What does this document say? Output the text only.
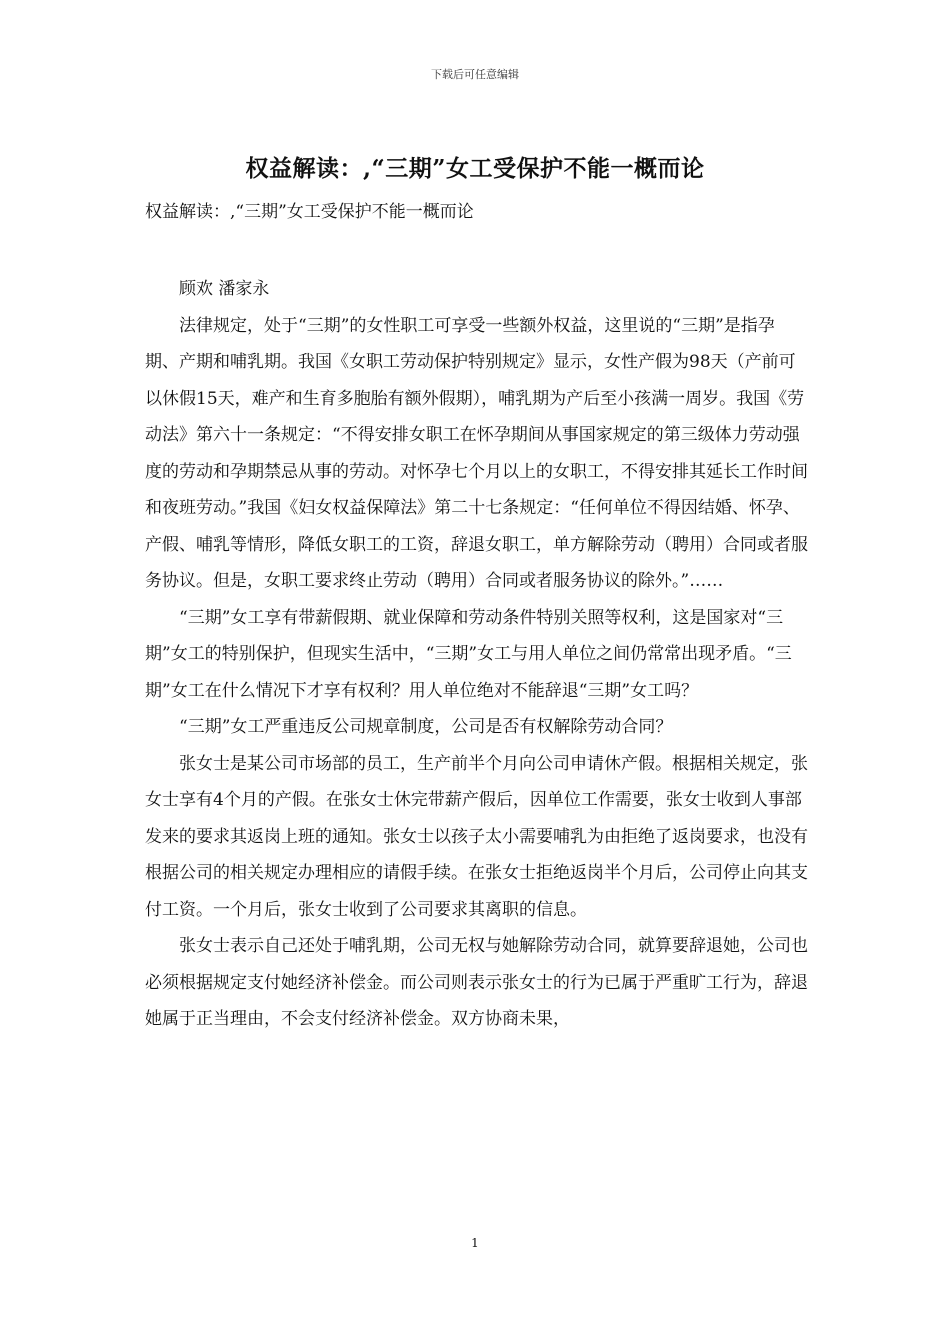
下载后可任意编辑
权益解读：,“三期”女工受保护不能一概而论
权益解读：,“三期”女工受保护不能一概而论

顾欢 潘家永

法律规定，处于“三期”的女性职工可享受一些额外权益，这里说的“三期”是指孕期、产期和哺乳期。我国《女职工劳动保护特别规定》显示，女性产假为98天（产前可以休假15天，难产和生育多胞胎有额外假期），哺乳期为产后至小孩满一周岁。我国《劳动法》第六十一条规定：“不得安排女职工在怀孕期间从事国家规定的第三级体力劳动强度的劳动和孕期禁忌从事的劳动。对怀孕七个月以上的女职工，不得安排其延长工作时间和夜班劳动。”我国《妇女权益保障法》第二十七条规定：“任何单位不得因结婚、怀孕、产假、哺乳等情形，降低女职工的工资，辞退女职工，单方解除劳动（聘用）合同或者服务协议。但是，女职工要求终止劳动（聘用）合同或者服务协议的除外。”……

“三期”女工享有带薪假期、就业保障和劳动条件特别关照等权利，这是国家对“三期”女工的特别保护，但现实生活中，“三期”女工与用人单位之间仍常常出现矛盾。“三期”女工在什么情况下才享有权利？用人单位绝对不能辞退“三期”女工吗？

“三期”女工严重违反公司规章制度，公司是否有权解除劳动合同？

张女士是某公司市场部的员工，生产前半个月向公司申请休产假。根据相关规定，张女士享有4个月的产假。在张女士休完带薪产假后，因单位工作需要，张女士收到人事部发来的要求其返岗上班的通知。张女士以孩子太小需要哺乳为由拒绝了返岗要求，也没有根据公司的相关规定办理相应的请假手续。在张女士拒绝返岗半个月后，公司停止向其支付工资。一个月后，张女士收到了公司要求其离职的信息。

张女士表示自己还处于哺乳期，公司无权与她解除劳动合同，就算要辞退她，公司也必须根据规定支付她经济补偿金。而公司则表示张女士的行为已属于严重旷工行为，辞退她属于正当理由，不会支付经济补偿金。双方协商未果，

1
